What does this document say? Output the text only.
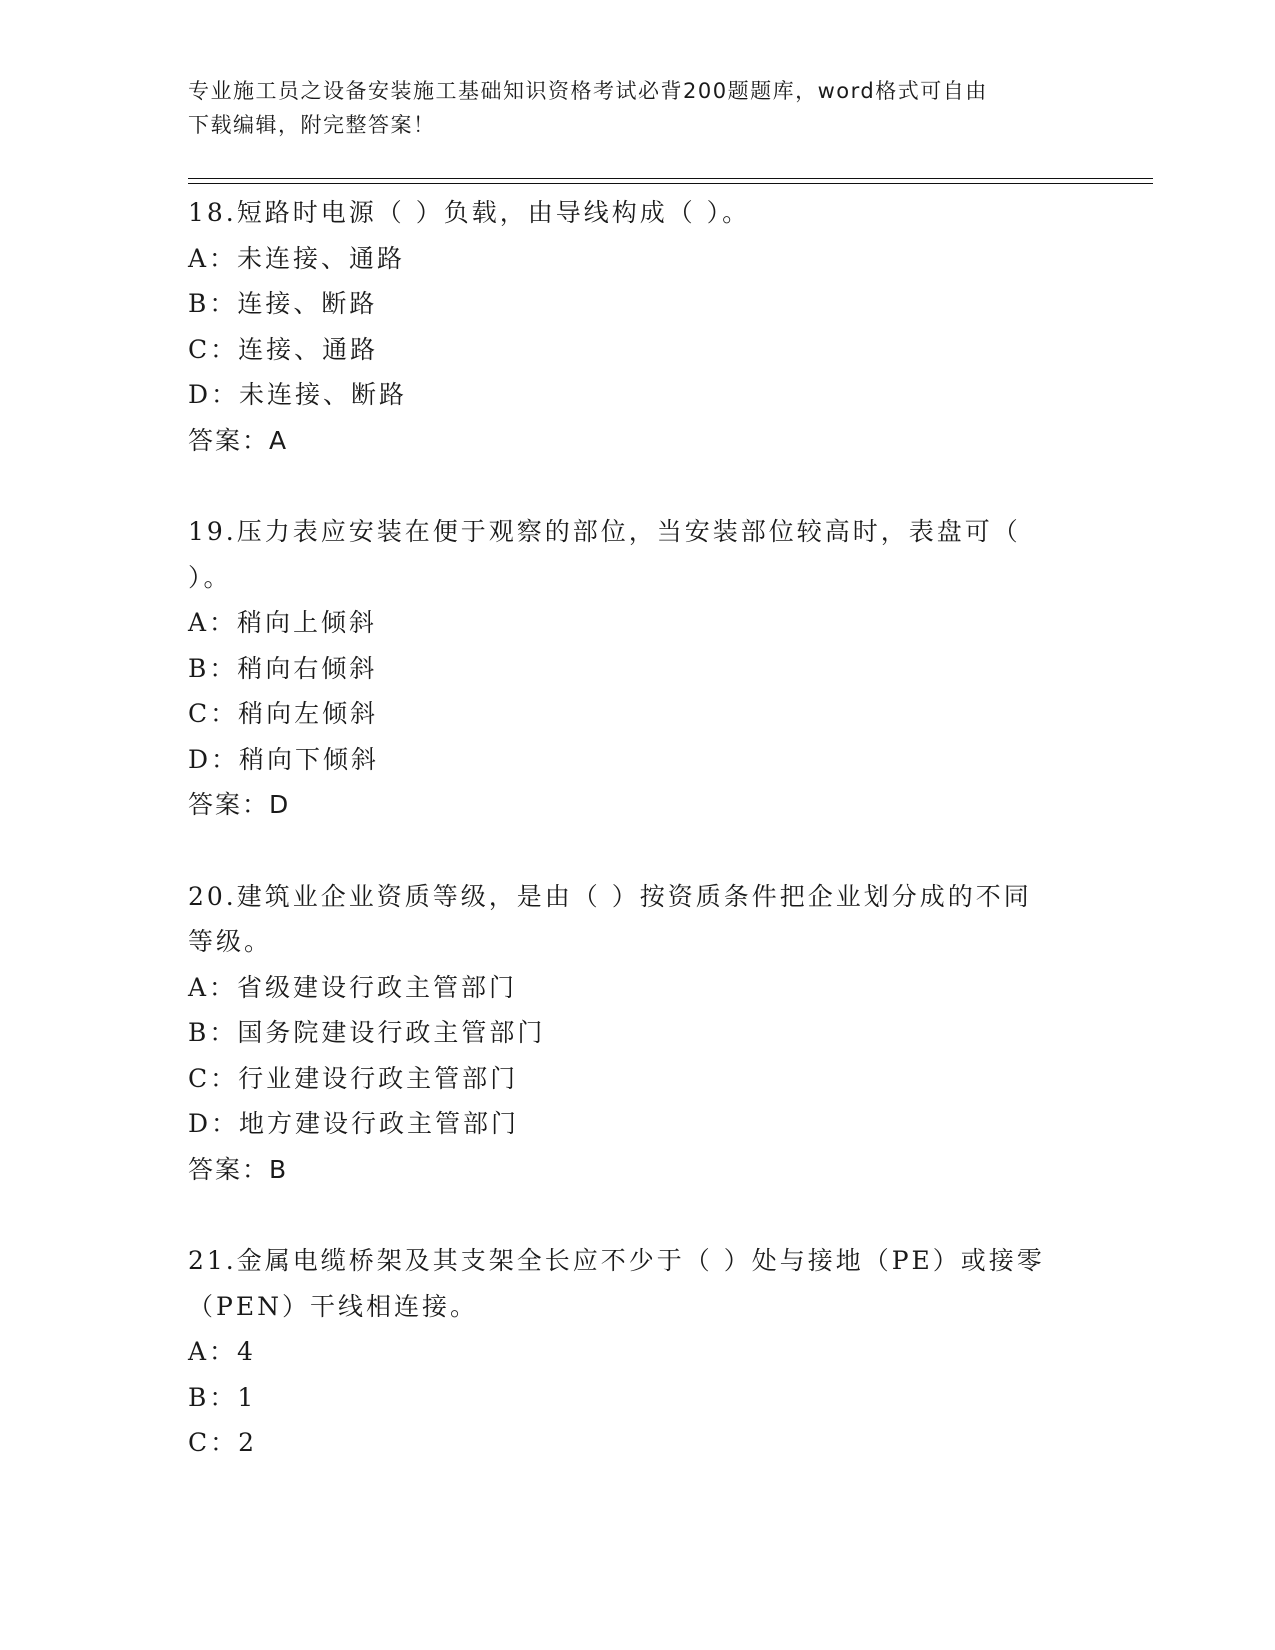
专业施工员之设备安装施工基础知识资格考试必背200题题库，word格式可自由
下载编辑，附完整答案！
18.短路时电源（ ）负载，由导线构成（ ）。
A：未连接、通路
B：连接、断路
C：连接、通路
D：未连接、断路
答案：A
19.压力表应安装在便于观察的部位，当安装部位较高时，表盘可（
）。
A：稍向上倾斜
B：稍向右倾斜
C：稍向左倾斜
D：稍向下倾斜
答案：D
20.建筑业企业资质等级，是由（ ）按资质条件把企业划分成的不同
等级。
A：省级建设行政主管部门
B：国务院建设行政主管部门
C：行业建设行政主管部门
D：地方建设行政主管部门
答案：B
21.金属电缆桥架及其支架全长应不少于（ ）处与接地（PE）或接零
（PEN）干线相连接。
A：4
B：1
C：2
